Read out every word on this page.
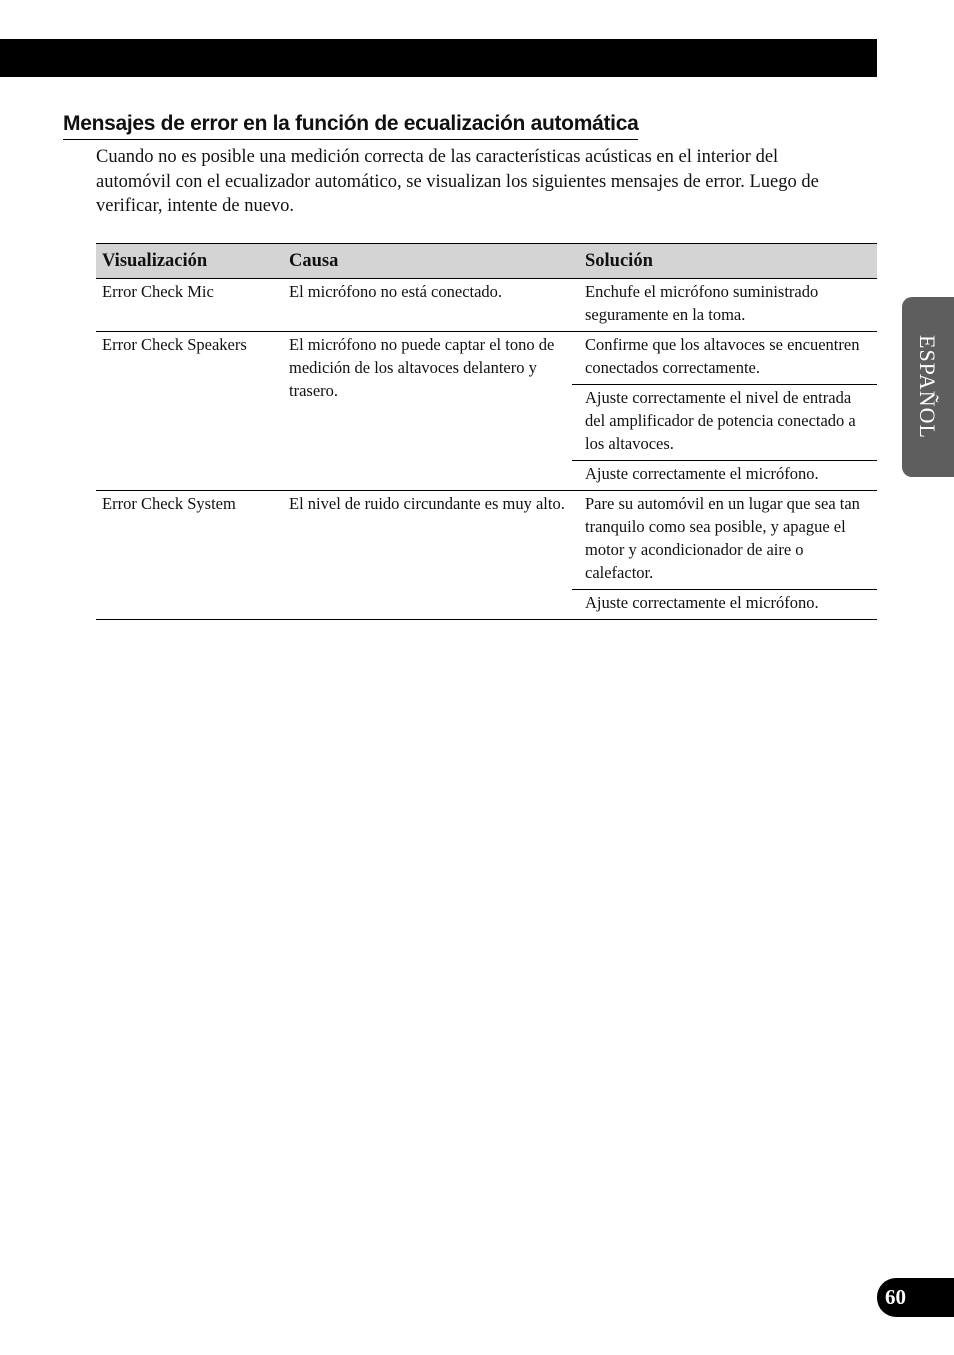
Mensajes de error en la función de ecualización automática

Cuando no es posible una medición correcta de las características acústicas en el interior del automóvil con el ecualizador automático, se visualizan los siguientes mensajes de error. Luego de verificar, intente de nuevo.

Visualización	Causa	Solución
Error Check Mic	El micrófono no está conectado.	Enchufe el micrófono suministrado seguramente en la toma.
Error Check Speakers	El micrófono no puede captar el tono de medición de los altavoces delantero y trasero.	Confirme que los altavoces se encuentren conectados correctamente.
		Ajuste correctamente el nivel de entrada del amplificador de potencia conectado a los altavoces.
		Ajuste correctamente el micrófono.
Error Check System	El nivel de ruido circundante es muy alto.	Pare su automóvil en un lugar que sea tan tranquilo como sea posible, y apague el motor y acondicionador de aire o calefactor.
		Ajuste correctamente el micrófono.
ESPAÑOL
60
